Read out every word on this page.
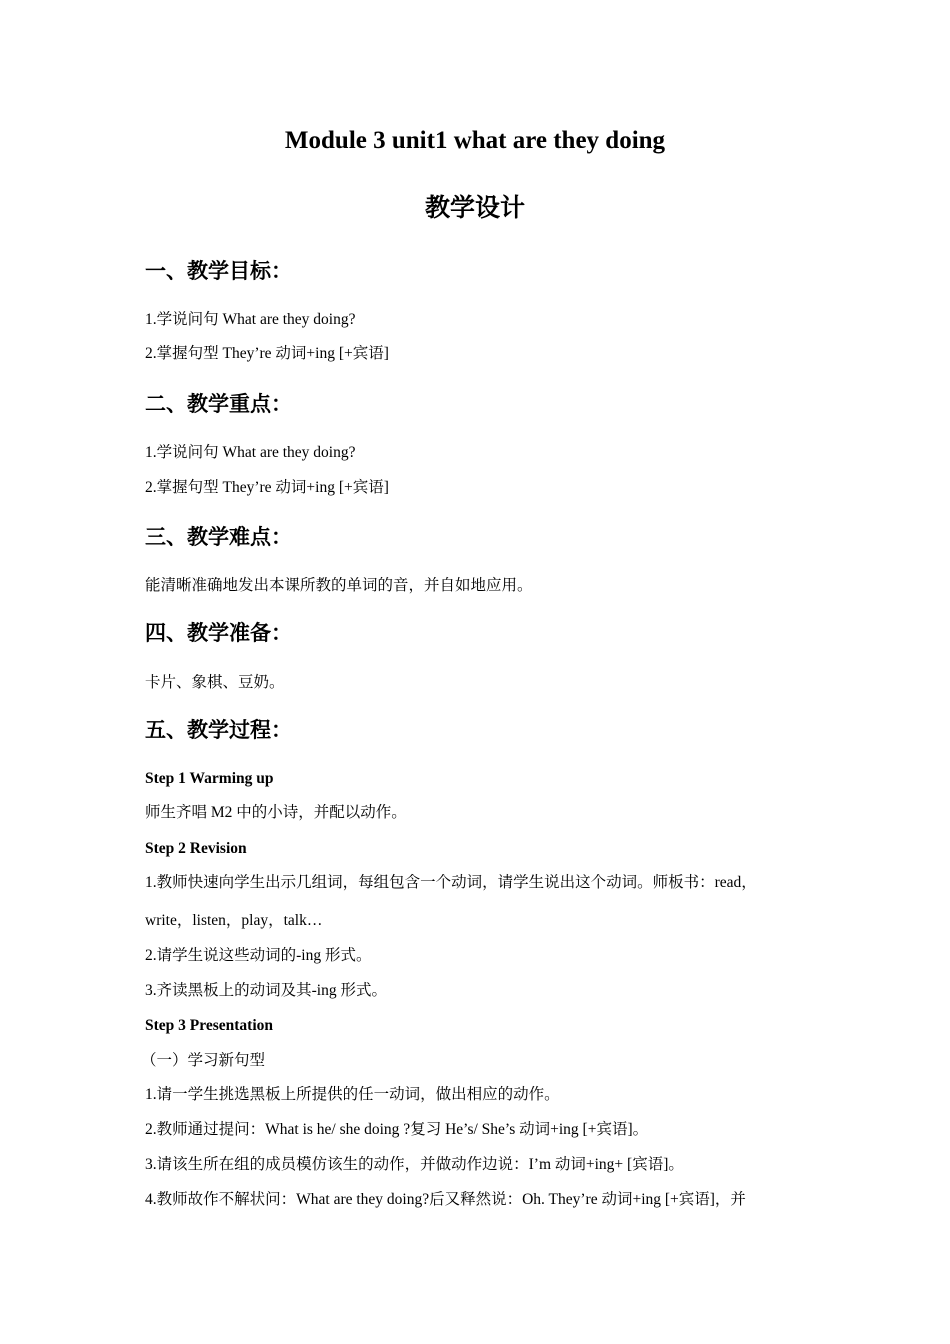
Module 3 unit1 what are they doing
教学设计
一、教学目标：
1.学说问句 What are they doing?
2.掌握句型 They’re 动词+ing [+宾语]
二、教学重点：
1.学说问句 What are they doing?
2.掌握句型 They’re 动词+ing [+宾语]
三、教学难点：
能清晰准确地发出本课所教的单词的音，并自如地应用。
四、教学准备：
卡片、象棋、豆奶。
五、教学过程：
Step 1 Warming up
师生齐唱 M2 中的小诗，并配以动作。
Step 2 Revision
1.教师快速向学生出示几组词，每组包含一个动词，请学生说出这个动词。师板书：read，
write，listen，play，talk…
2.请学生说这些动词的-ing 形式。
3.齐读黑板上的动词及其-ing 形式。
Step 3 Presentation
（一）学习新句型
1.请一学生挑选黑板上所提供的任一动词，做出相应的动作。
2.教师通过提问：What is he/ she doing ?复习 He’s/ She’s 动词+ing [+宾语]。
3.请该生所在组的成员模仿该生的动作，并做动作边说：I’m 动词+ing+ [宾语]。
4.教师故作不解状问：What are they doing?后又释然说：Oh. They’re 动词+ing [+宾语]，并
